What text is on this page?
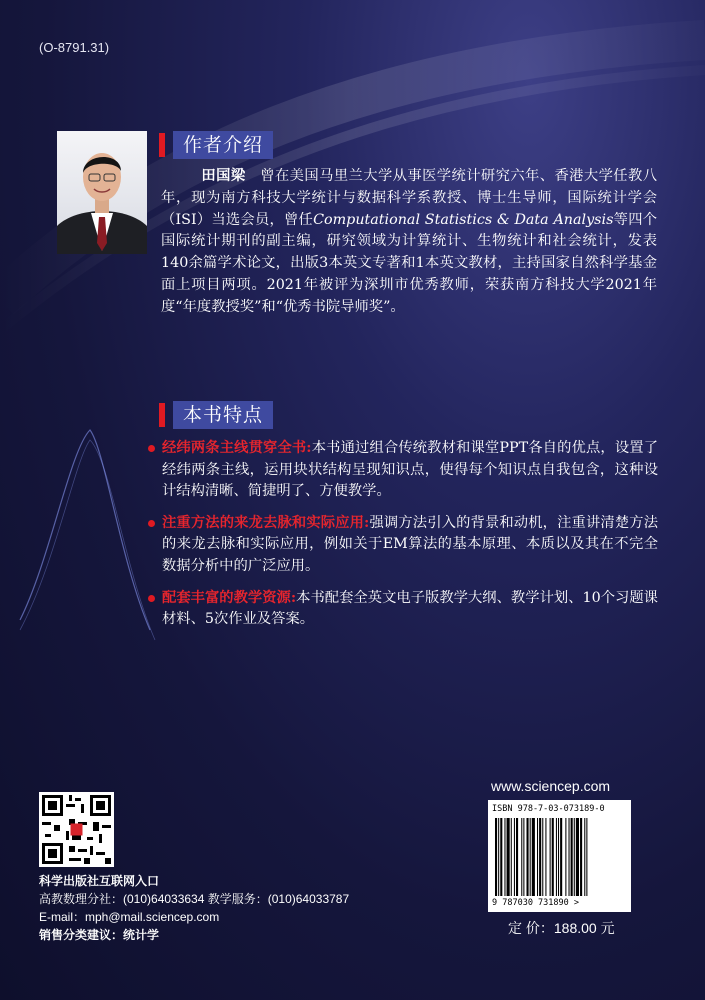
(O-8791.31)
作者介绍
田国梁　 曾在美国马里兰大学从事医学统计研究六年、香港大学任教八年，现为南方科技大学统计与数据科学系教授、博士生导师，国际统计学会（ISI）当选会员，曾任Computational Statistics & Data Analysis等四个国际统计期刊的副主编，研究领域为计算统计、生物统计和社会统计，发表140余篇学术论文，出版3本英文专著和1本英文教材，主持国家自然科学基金面上项目两项。2021年被评为深圳市优秀教师，荣获南方科技大学2021年度“年度教授奖”和“优秀书院导师奖”。
本书特点
经纬两条主线贯穿全书:本书通过组合传统教材和课堂PPT各自的优点，设置了经纬两条主线，运用块状结构呈现知识点，使得每个知识点自我包含，这种设计结构清晰、简捷明了、方便教学。
注重方法的来龙去脉和实际应用:强调方法引入的背景和动机，注重讲清楚方法的来龙去脉和实际应用，例如关于EM算法的基本原理、本质以及其在不完全数据分析中的广泛应用。
配套丰富的教学资源:本书配套全英文电子版教学大纲、教学计划、10个习题课材料、5次作业及答案。
科学出版社互联网入口
高教数理分社：(010)64033634 教学服务：(010)64033787
E-mail：mph@mail.sciencep.com
销售分类建议：统计学
www.sciencep.com
ISBN 978-7-03-073189-0
9 787030 731890 >
定 价：188.00 元
